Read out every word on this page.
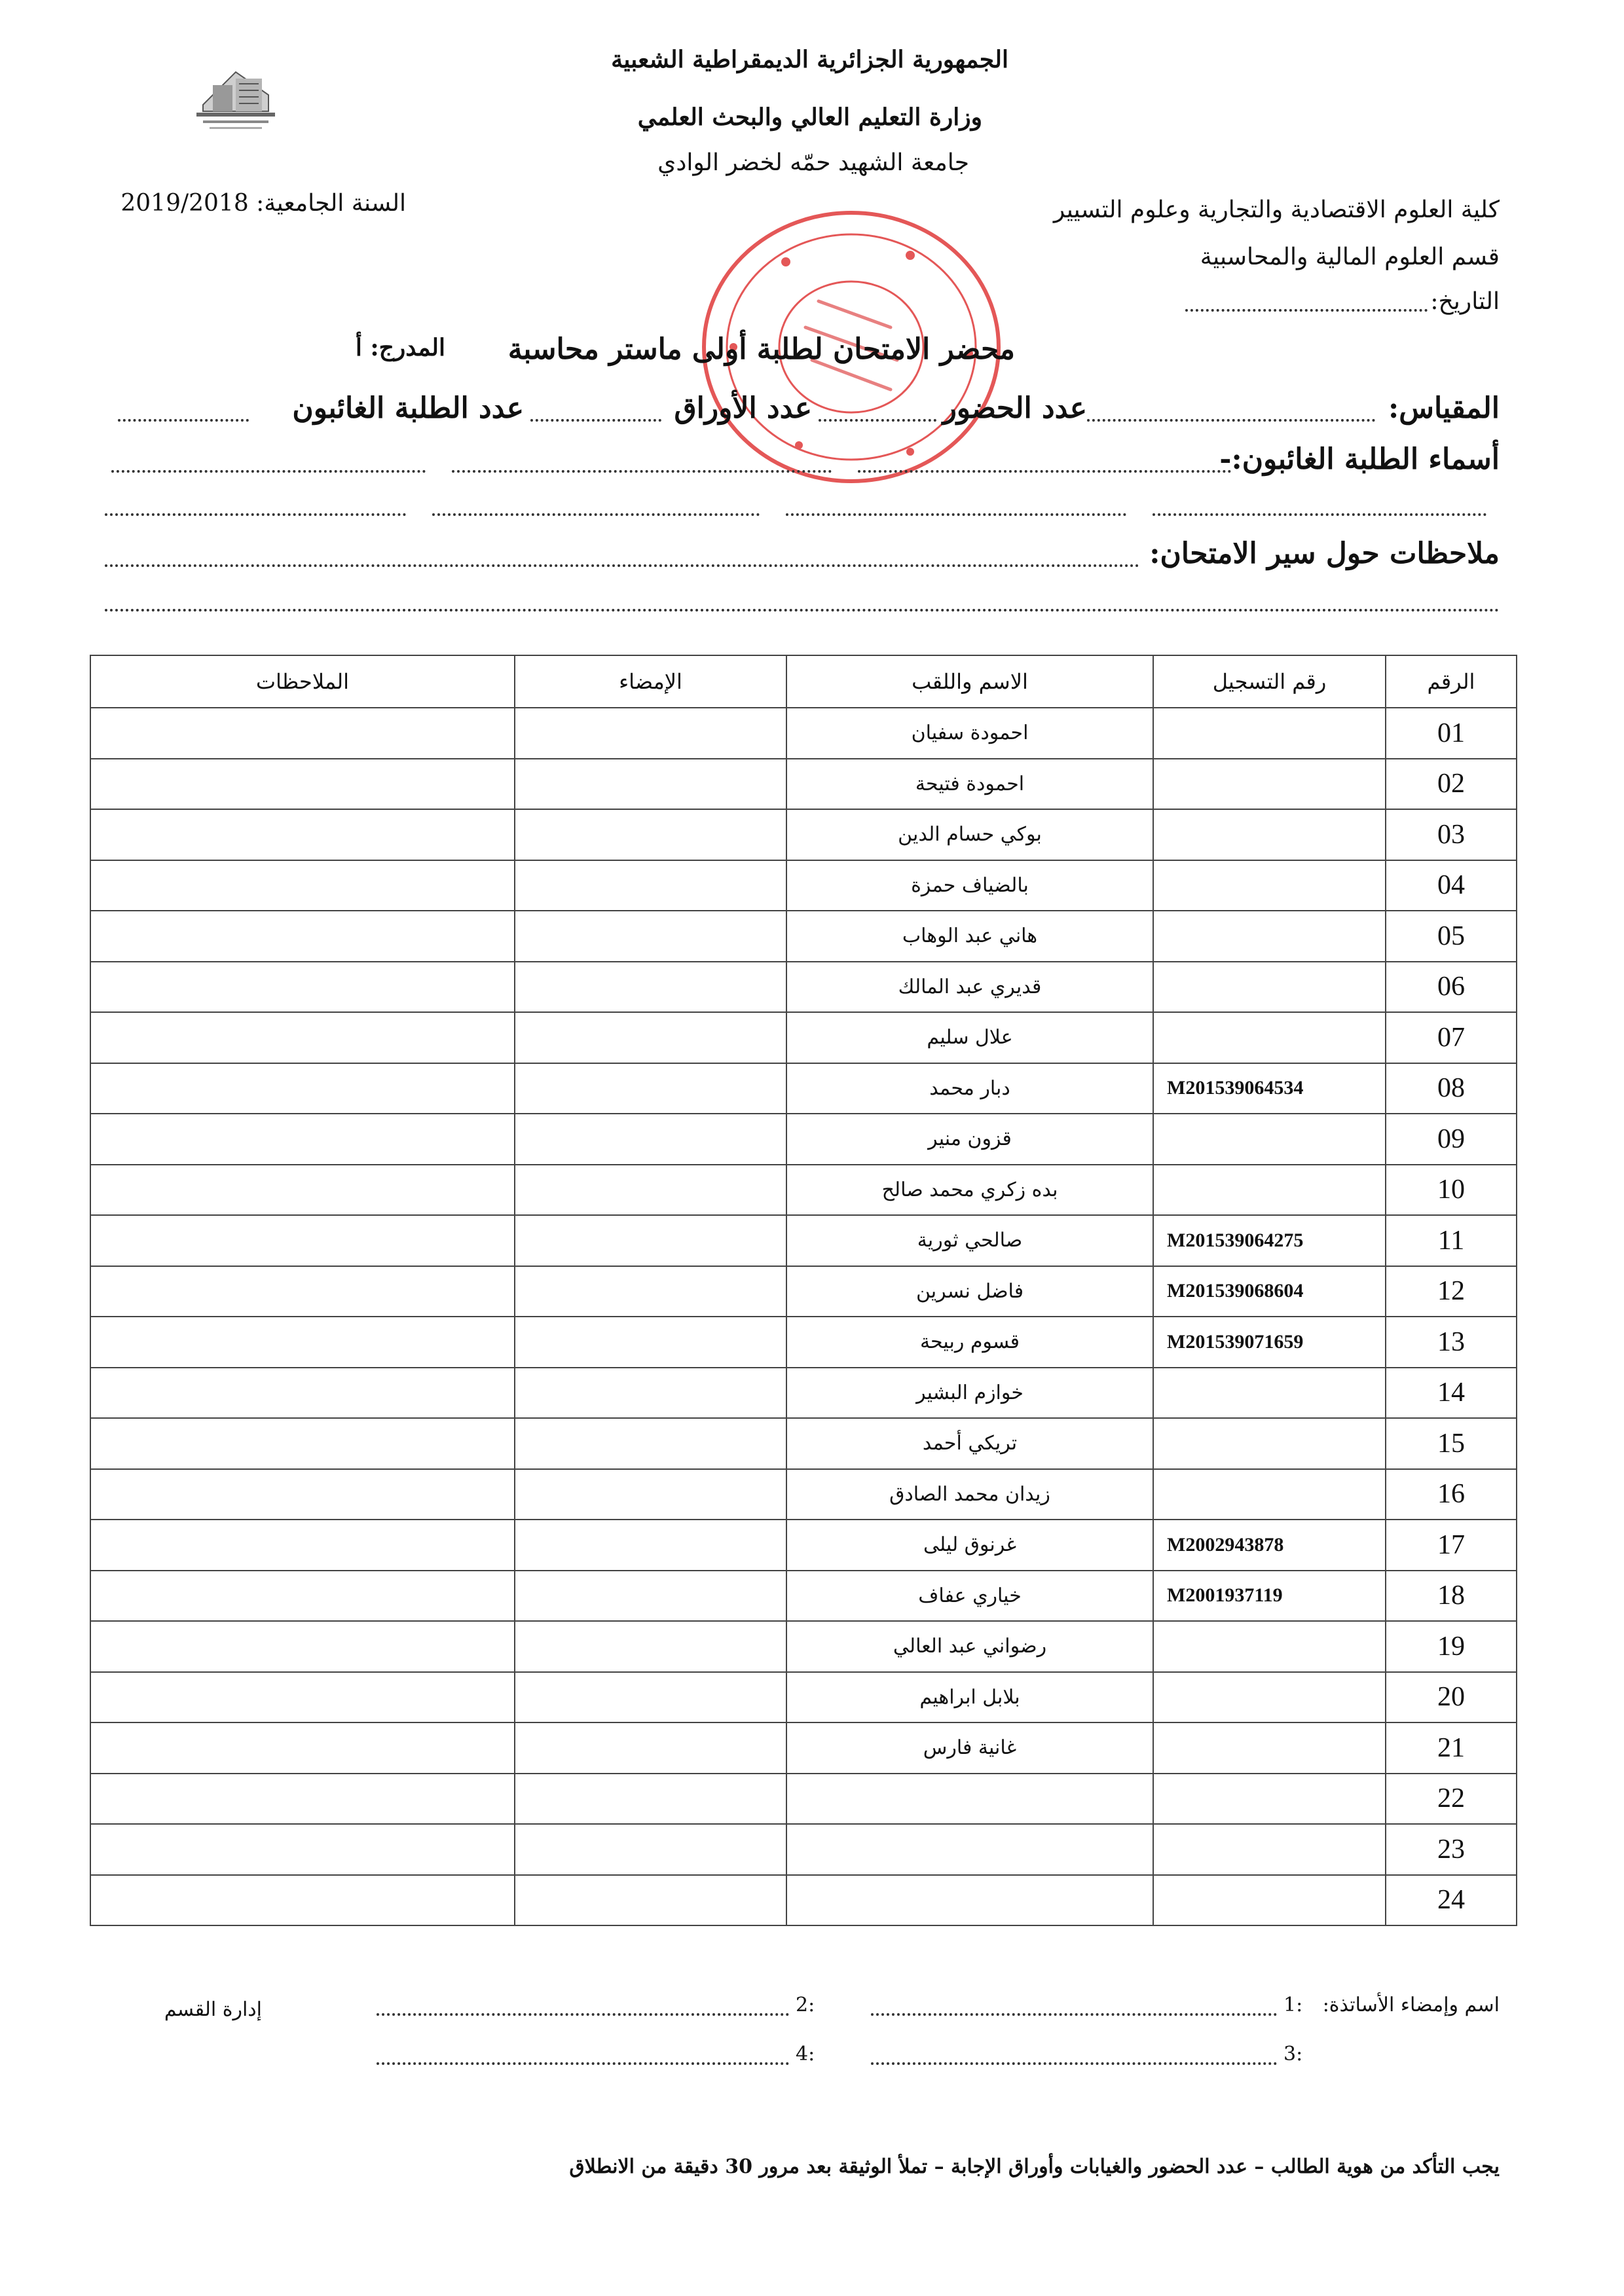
الجمهورية الجزائرية الديمقراطية الشعبية
وزارة التعليم العالي والبحث العلمي
جامعة الشهيد حمّه لخضر الوادي
كلية العلوم الاقتصادية والتجارية وعلوم التسيير
قسم العلوم المالية والمحاسبية
التاريخ:
السنة الجامعية: 2019/2018
محضر الامتحان لطلبة أولى ماستر محاسبة
المدرج: أ
المقياس:
عدد الحضور
عدد الأوراق
عدد الطلبة الغائبون
أسماء الطلبة الغائبون:-
ملاحظات حول سير الامتحان:
الرقم	رقم التسجيل	الاسم واللقب	الإمضاء	الملاحظات
01		احمودة سفيان		
02		احمودة فتيحة		
03		بوكي حسام الدين		
04		بالضياف حمزة		
05		هاني عبد الوهاب		
06		قديري عبد المالك		
07		علال سليم		
08	M201539064534	دبار محمد		
09		قزون منير		
10		بده زكري محمد صالح		
11	M201539064275	صالحي ثورية		
12	M201539068604	فاضل نسرين		
13	M201539071659	قسوم ربيحة		
14		خوازم البشير		
15		تريكي أحمد		
16		زيدان محمد الصادق		
17	M2002943878	غرنوق ليلى		
18	M2001937119	خياري عفاف		
19		رضواني عبد العالي		
20		بلابل ابراهيم		
21		غانية فارس		
22				
23				
24				
اسم وإمضاء الأساتذة:
1:
2:
إدارة القسم
3:
4:
يجب التأكد من هوية الطالب – عدد الحضور والغيابات وأوراق الإجابة – تملأ الوثيقة بعد مرور 30 دقيقة من الانطلاق
